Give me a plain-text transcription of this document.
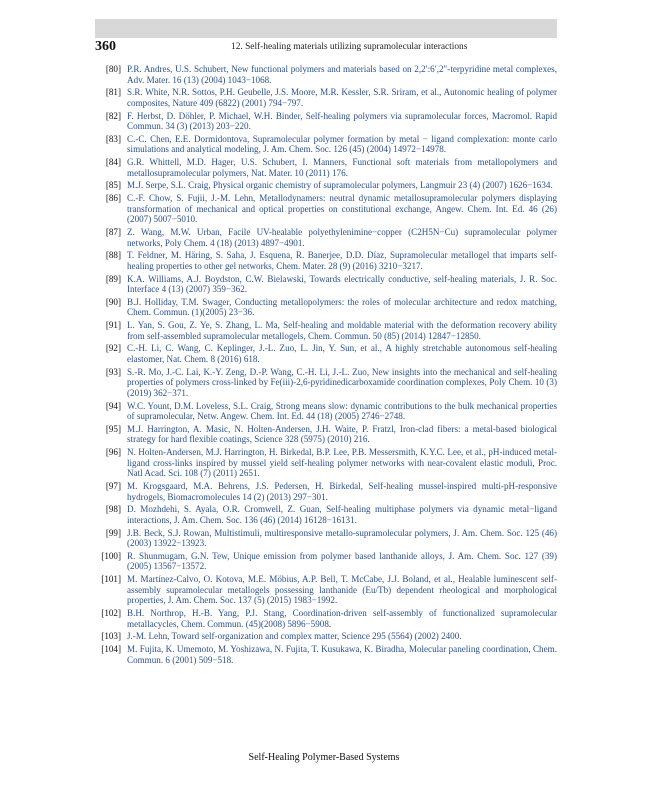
360	12. Self-healing materials utilizing supramolecular interactions
[80] P.R. Andres, U.S. Schubert, New functional polymers and materials based on 2,2′:6′,2″-terpyridine metal complexes, Adv. Mater. 16 (13) (2004) 1043−1068.
[81] S.R. White, N.R. Sottos, P.H. Geubelle, J.S. Moore, M.R. Kessler, S.R. Sriram, et al., Autonomic healing of polymer composites, Nature 409 (6822) (2001) 794−797.
[82] F. Herbst, D. Döhler, P. Michael, W.H. Binder, Self-healing polymers via supramolecular forces, Macromol. Rapid Commun. 34 (3) (2013) 203−220.
[83] C.-C. Chen, E.E. Dormidontova, Supramolecular polymer formation by metal − ligand complexation: monte carlo simulations and analytical modeling, J. Am. Chem. Soc. 126 (45) (2004) 14972−14978.
[84] G.R. Whittell, M.D. Hager, U.S. Schubert, I. Manners, Functional soft materials from metallopolymers and metallosupramolecular polymers, Nat. Mater. 10 (2011) 176.
[85] M.J. Serpe, S.L. Craig, Physical organic chemistry of supramolecular polymers, Langmuir 23 (4) (2007) 1626−1634.
[86] C.-F. Chow, S. Fujii, J.-M. Lehn, Metallodynamers: neutral dynamic metallosupramolecular polymers displaying transformation of mechanical and optical properties on constitutional exchange, Angew. Chem. Int. Ed. 46 (26) (2007) 5007−5010.
[87] Z. Wang, M.W. Urban, Facile UV-healable polyethylenimine−copper (C2H5N−Cu) supramolecular polymer networks, Poly Chem. 4 (18) (2013) 4897−4901.
[88] T. Feldner, M. Häring, S. Saha, J. Esquena, R. Banerjee, D.D. Díaz, Supramolecular metallogel that imparts self-healing properties to other gel networks, Chem. Mater. 28 (9) (2016) 3210−3217.
[89] K.A. Williams, A.J. Boydston, C.W. Bielawski, Towards electrically conductive, self-healing materials, J. R. Soc. Interface 4 (13) (2007) 359−362.
[90] B.J. Holliday, T.M. Swager, Conducting metallopolymers: the roles of molecular architecture and redox matching, Chem. Commun. (1)(2005) 23−36.
[91] L. Yan, S. Gou, Z. Ye, S. Zhang, L. Ma, Self-healing and moldable material with the deformation recovery ability from self-assembled supramolecular metallogels, Chem. Commun. 50 (85) (2014) 12847−12850.
[92] C.-H. Li, C. Wang, C. Keplinger, J.-L. Zuo, L. Jin, Y. Sun, et al., A highly stretchable autonomous self-healing elastomer, Nat. Chem. 8 (2016) 618.
[93] S.-R. Mo, J.-C. Lai, K.-Y. Zeng, D.-P. Wang, C.-H. Li, J.-L. Zuo, New insights into the mechanical and self-healing properties of polymers cross-linked by Fe(iii)-2,6-pyridinedicarboxamide coordination complexes, Poly Chem. 10 (3) (2019) 362−371.
[94] W.C. Yount, D.M. Loveless, S.L. Craig, Strong means slow: dynamic contributions to the bulk mechanical properties of supramolecular, Netw. Angew. Chem. Int. Ed. 44 (18) (2005) 2746−2748.
[95] M.J. Harrington, A. Masic, N. Holten-Andersen, J.H. Waite, P. Fratzl, Iron-clad fibers: a metal-based biological strategy for hard flexible coatings, Science 328 (5975) (2010) 216.
[96] N. Holten-Andersen, M.J. Harrington, H. Birkedal, B.P. Lee, P.B. Messersmith, K.Y.C. Lee, et al., pH-induced metal-ligand cross-links inspired by mussel yield self-healing polymer networks with near-covalent elastic moduli, Proc. Natl Acad. Sci. 108 (7) (2011) 2651.
[97] M. Krogsgaard, M.A. Behrens, J.S. Pedersen, H. Birkedal, Self-healing mussel-inspired multi-pH-responsive hydrogels, Biomacromolecules 14 (2) (2013) 297−301.
[98] D. Mozhdehi, S. Ayala, O.R. Cromwell, Z. Guan, Self-healing multiphase polymers via dynamic metal−ligand interactions, J. Am. Chem. Soc. 136 (46) (2014) 16128−16131.
[99] J.B. Beck, S.J. Rowan, Multistimuli, multiresponsive metallo-supramolecular polymers, J. Am. Chem. Soc. 125 (46) (2003) 13922−13923.
[100] R. Shunmugam, G.N. Tew, Unique emission from polymer based lanthanide alloys, J. Am. Chem. Soc. 127 (39) (2005) 13567−13572.
[101] M. Martínez-Calvo, O. Kotova, M.E. Möbius, A.P. Bell, T. McCabe, J.J. Boland, et al., Healable luminescent self-assembly supramolecular metallogels possessing lanthanide (Eu/Tb) dependent rheological and morphological properties, J. Am. Chem. Soc. 137 (5) (2015) 1983−1992.
[102] B.H. Northrop, H.-B. Yang, P.J. Stang, Coordination-driven self-assembly of functionalized supramolecular metallacycles, Chem. Commun. (45)(2008) 5896−5908.
[103] J.-M. Lehn, Toward self-organization and complex matter, Science 295 (5564) (2002) 2400.
[104] M. Fujita, K. Umemoto, M. Yoshizawa, N. Fujita, T. Kusukawa, K. Biradha, Molecular paneling coordination, Chem. Commun. 6 (2001) 509−518.
Self-Healing Polymer-Based Systems
